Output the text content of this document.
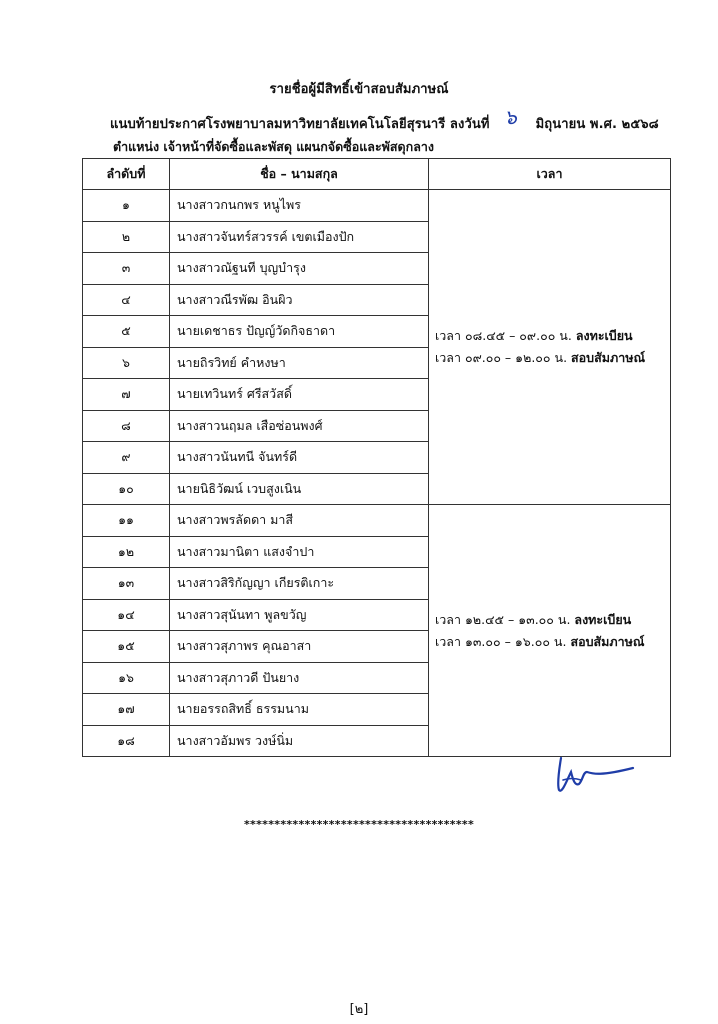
รายชื่อผู้มีสิทธิ์เข้าสอบสัมภาษณ์
แนบท้ายประกาศโรงพยาบาลมหาวิทยาลัยเทคโนโลยีสุรนารี ลงวันที่ ๖ มิถุนายน พ.ศ. ๒๕๖๘
ตำแหน่ง เจ้าหน้าที่จัดซื้อและพัสดุ แผนกจัดซื้อและพัสดุกลาง
ลำดับที่	ชื่อ – นามสกุล	เวลา
๑	นางสาวกนกพร หนูไพร	เวลา ๐๘.๔๕ – ๐๙.๐๐ น. ลงทะเบียน
เวลา ๐๙.๐๐ – ๑๒.๐๐ น. สอบสัมภาษณ์

๒	นางสาวจันทร์สวรรค์ เขตเมืองปัก	
๓	นางสาวณัฐนที บุญบำรุง	
๔	นางสาวณีรพัฒ อินผิว	
๕	นายเดชาธร ปัญญ์วัดกิจธาดา	
๖	นายถิรวิทย์ คำหงษา	
๗	นายเทวินทร์ ศรีสวัสดิ์	
๘	นางสาวนฤมล เสือซ่อนพงศ์	
๙	นางสาวนันทนี จันทร์ดี	
๑๐	นายนิธิวัฒน์ เวบสูงเนิน	
๑๑	นางสาวพรลัดดา มาสี	เวลา ๑๒.๔๕ – ๑๓.๐๐ น. ลงทะเบียน
เวลา ๑๓.๐๐ – ๑๖.๐๐ น. สอบสัมภาษณ์

๑๒	นางสาวมานิตา แสงจำปา	
๑๓	นางสาวสิริกัญญา เกียรติเกาะ	
๑๔	นางสาวสุนันทา พูลขวัญ	
๑๕	นางสาวสุภาพร คุณอาสา	
๑๖	นางสาวสุภาวดี ปันยาง	
๑๗	นายอรรถสิทธิ์ ธรรมนาม	
๑๘	นางสาวอัมพร วงษ์นิ่ม	
**************************************
[๒]
